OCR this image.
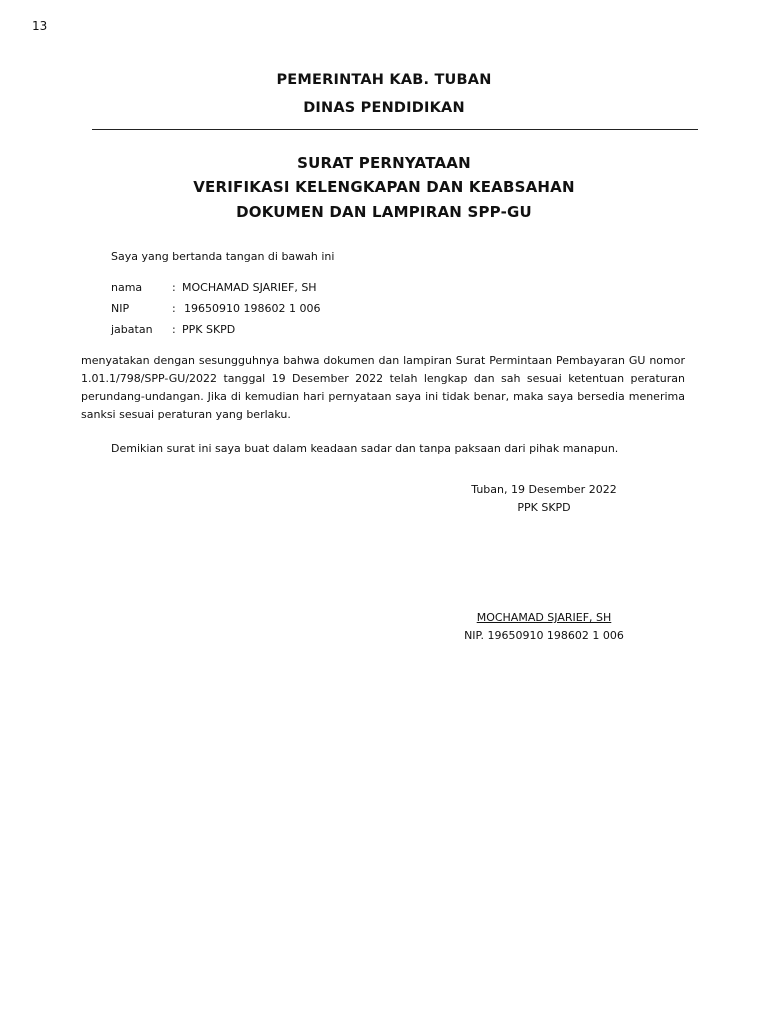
13
PEMERINTAH KAB. TUBAN
DINAS PENDIDIKAN
SURAT PERNYATAAN
VERIFIKASI KELENGKAPAN DAN KEABSAHAN
DOKUMEN DAN LAMPIRAN SPP-GU
Saya yang bertanda tangan di bawah ini
nama	: MOCHAMAD SJARIEF, SH
NIP	: 19650910 198602 1 006
jabatan : PPK SKPD
menyatakan dengan sesungguhnya bahwa dokumen dan lampiran Surat Permintaan Pembayaran GU nomor 1.01.1/798/SPP-GU/2022 tanggal 19 Desember 2022 telah lengkap dan sah sesuai ketentuan peraturan perundang-undangan. Jika di kemudian hari pernyataan saya ini tidak benar, maka saya bersedia menerima sanksi sesuai peraturan yang berlaku.
Demikian surat ini saya buat dalam keadaan sadar dan tanpa paksaan dari pihak manapun.
Tuban, 19 Desember 2022
PPK SKPD
MOCHAMAD SJARIEF, SH
NIP. 19650910 198602 1 006
